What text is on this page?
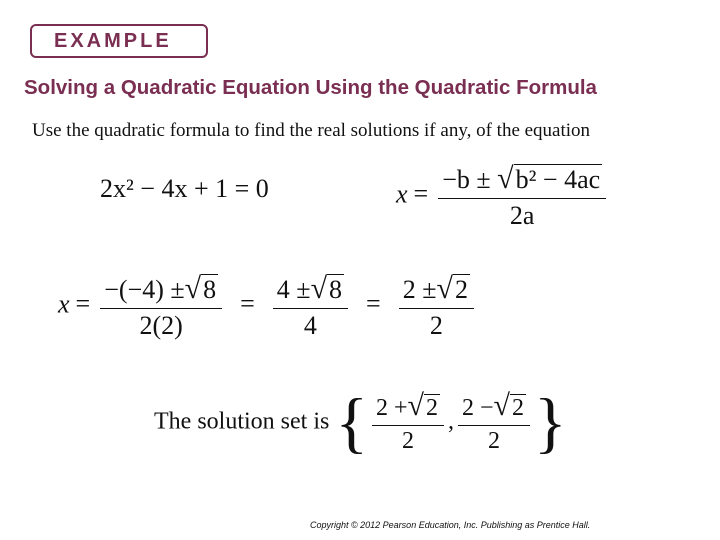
EXAMPLE
Solving a Quadratic Equation Using the Quadratic Formula
Use the quadratic formula to find the real solutions if any, of the equation
2x² − 4x + 1 = 0	$x = \frac{\text{−b ± √b² − 4ac}}{2a}$
$x = \frac{-(-4) \pm√8}{2(2)} = \frac{4 \pm√8}{4} = \frac{2 \pm√2}{2}$
The solution set is { $\frac{2 +√2}{2}$ , $\frac{2 -√2}{2}$ }
Copyright © 2012 Pearson Education, Inc. Publishing as Prentice Hall.
